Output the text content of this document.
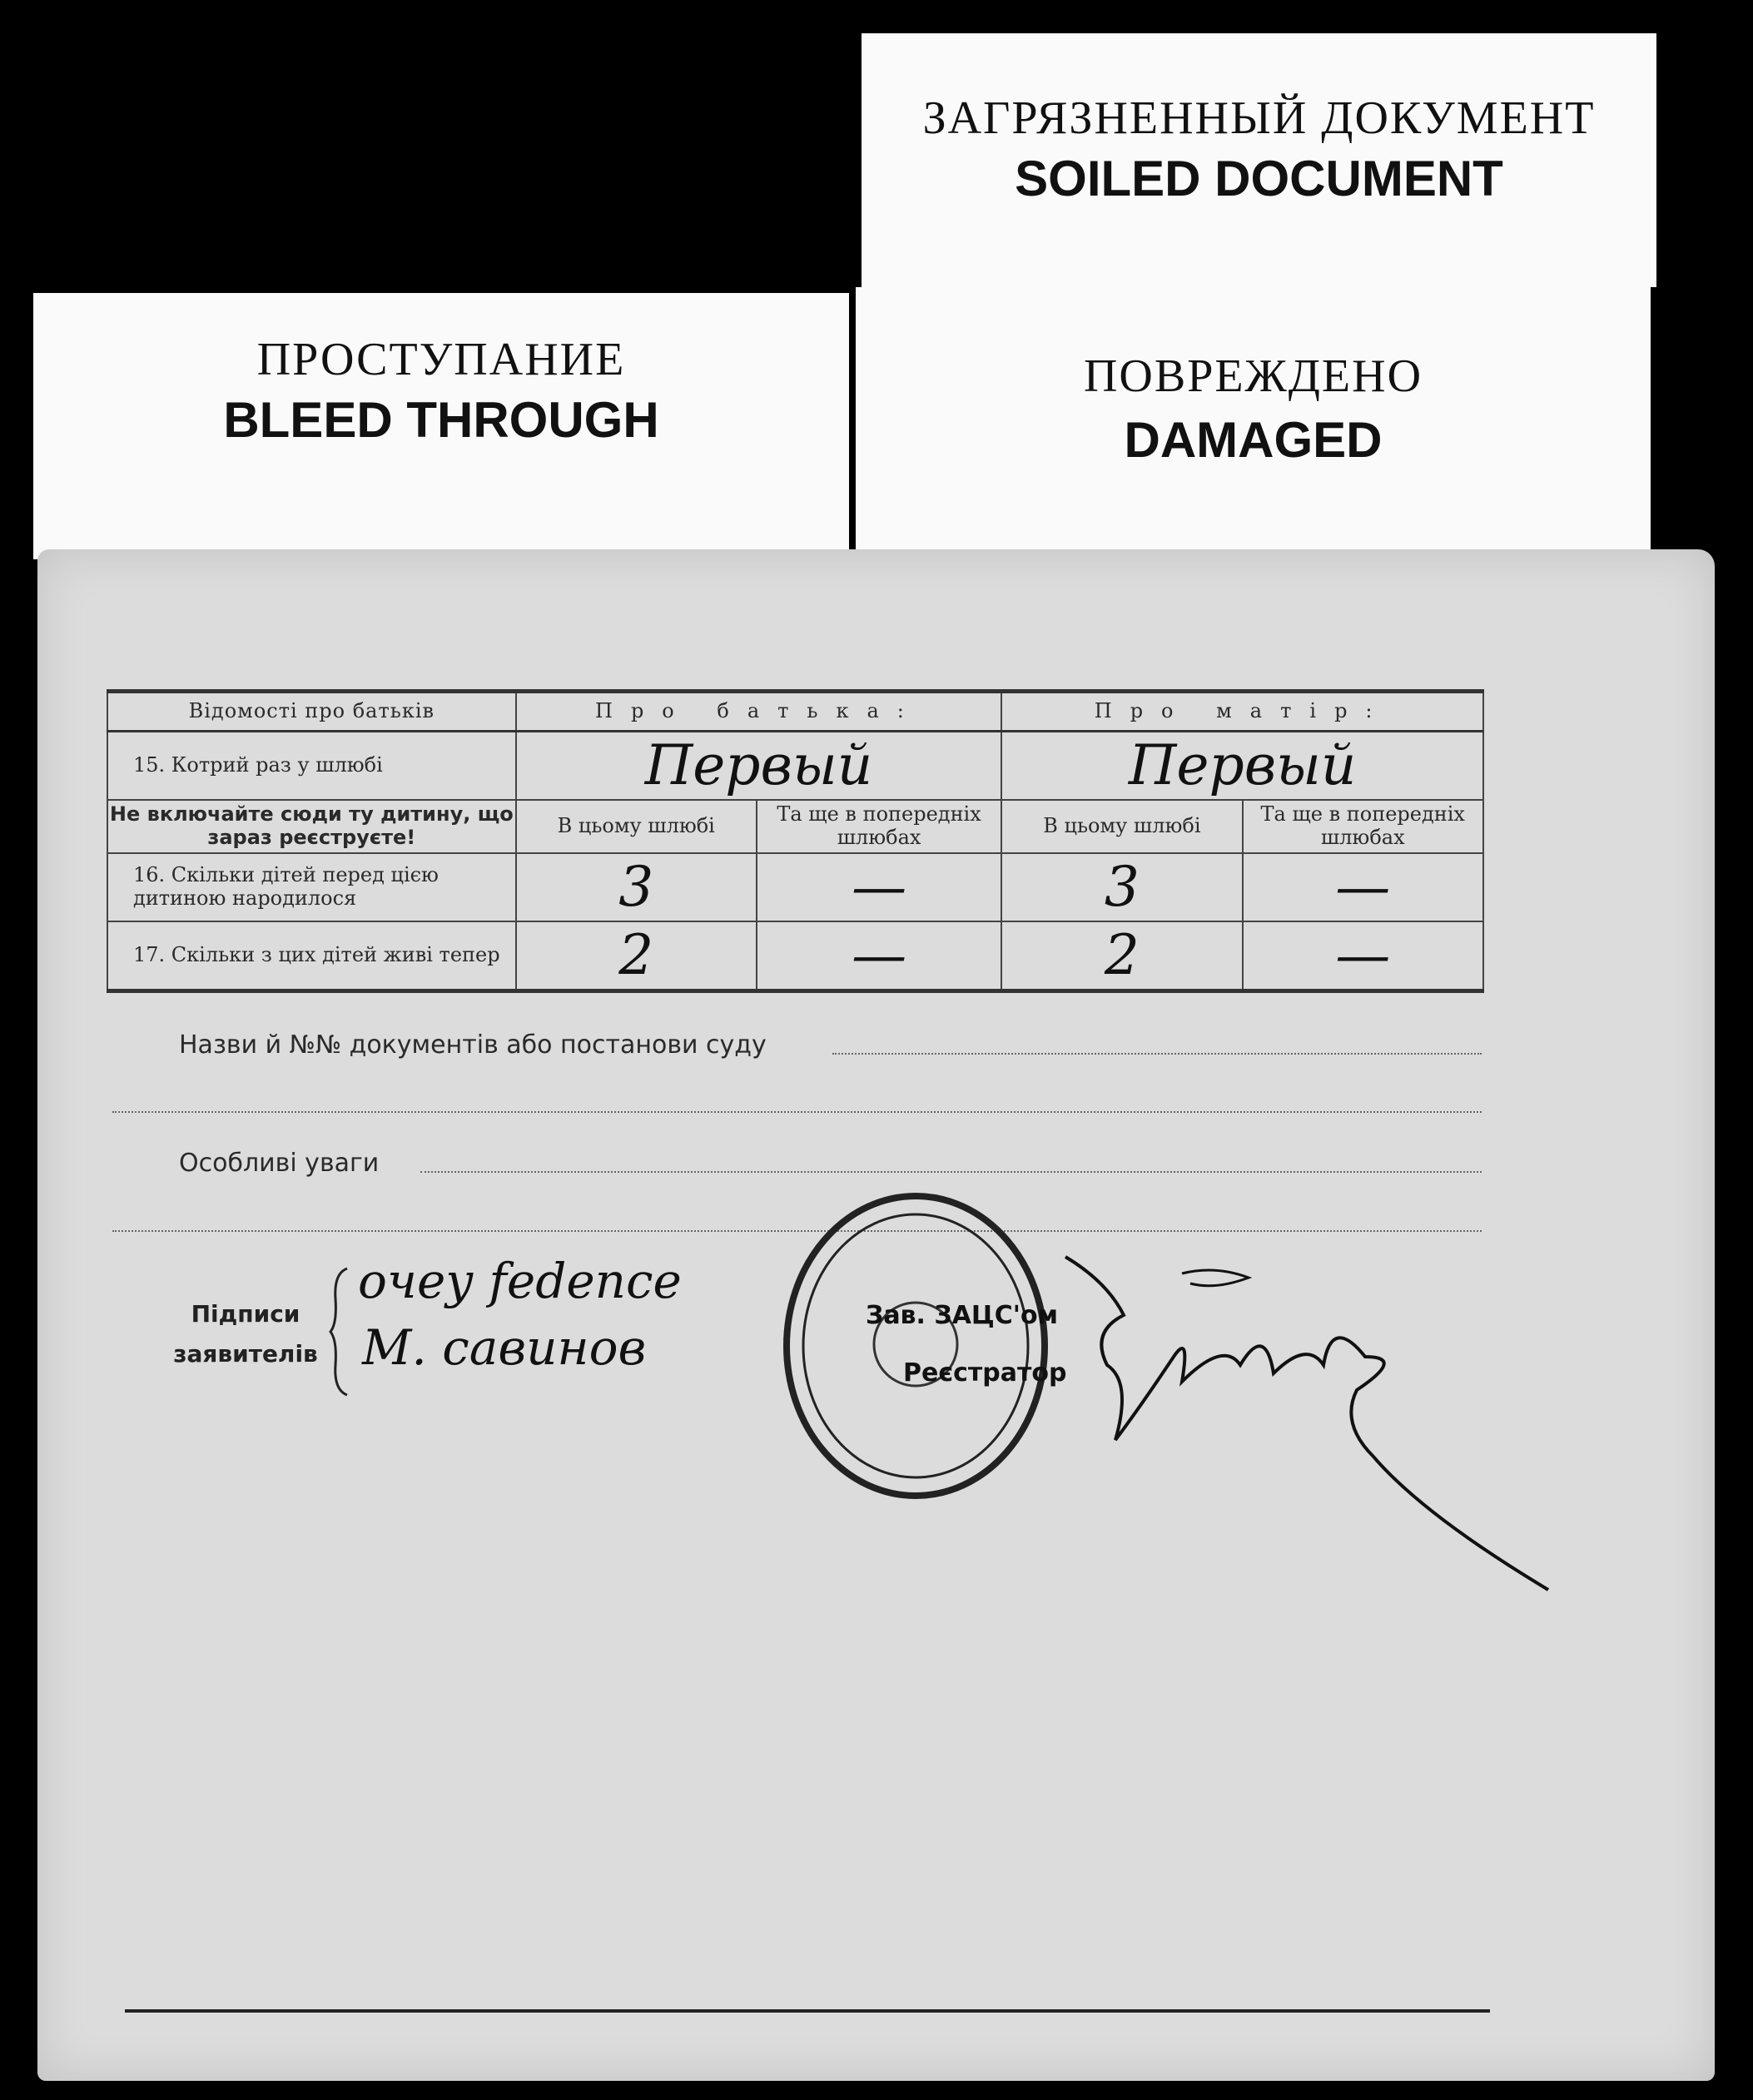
ЗАГРЯЗНЕННЫЙ ДОКУМЕНТ
SOILED DOCUMENT
ПРОСТУПАНИЕ
BLEED THROUGH
ПОВРЕЖДЕНО
DAMAGED
Відомості про батьків	Про батька:		Про матір:	
15. Котрий раз у шлюбі	Первый		Первый	
Не включайте сюди ту дитину, що зараз реєструєте!	В цьому шлюбі	Та ще в попередніх шлюбах	В цьому шлюбі	Та ще в попередніх шлюбах
16. Скільки дітей перед цією дитиною народилося	3	—	3	—
17. Скільки з цих дітей живі тепер	2	—	2	—
Назви й №№ документів або постанови суду
Особливі уваги
Підписи заявителів
очеу fedence
M. савинов
Зав. ЗАЦС'ом
Реєстратор
